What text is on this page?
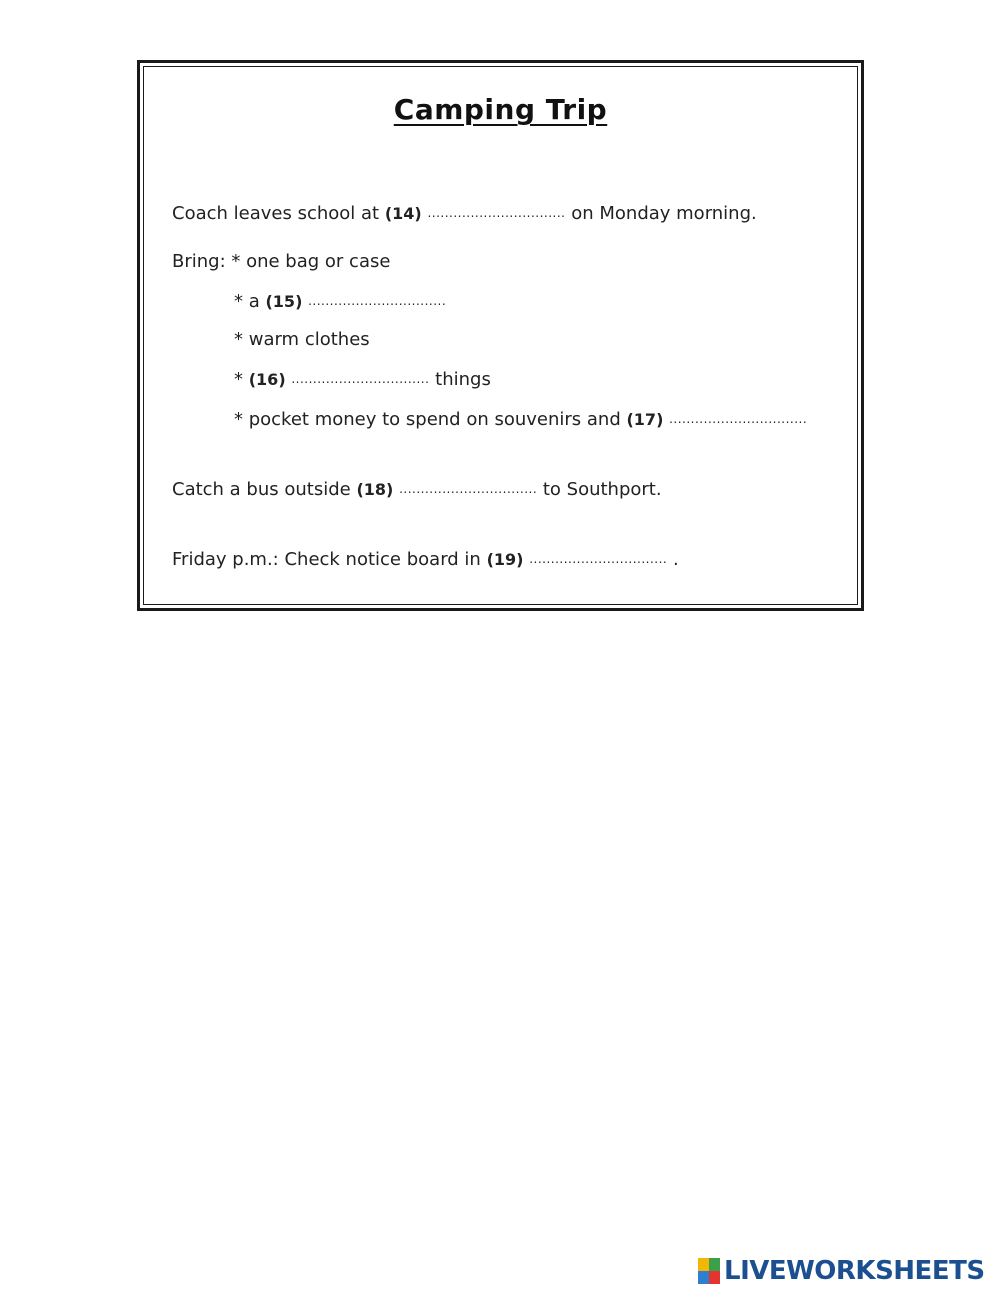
Camping Trip
Coach leaves school at (14) ................................ on Monday morning.
Bring: * one bag or case
* a (15) ................................
* warm clothes
* (16) ................................ things
* pocket money to spend on souvenirs and (17) ................................
Catch a bus outside (18) ................................ to Southport.
Friday p.m.: Check notice board in (19) ................................ .
LIVEWORKSHEETS
